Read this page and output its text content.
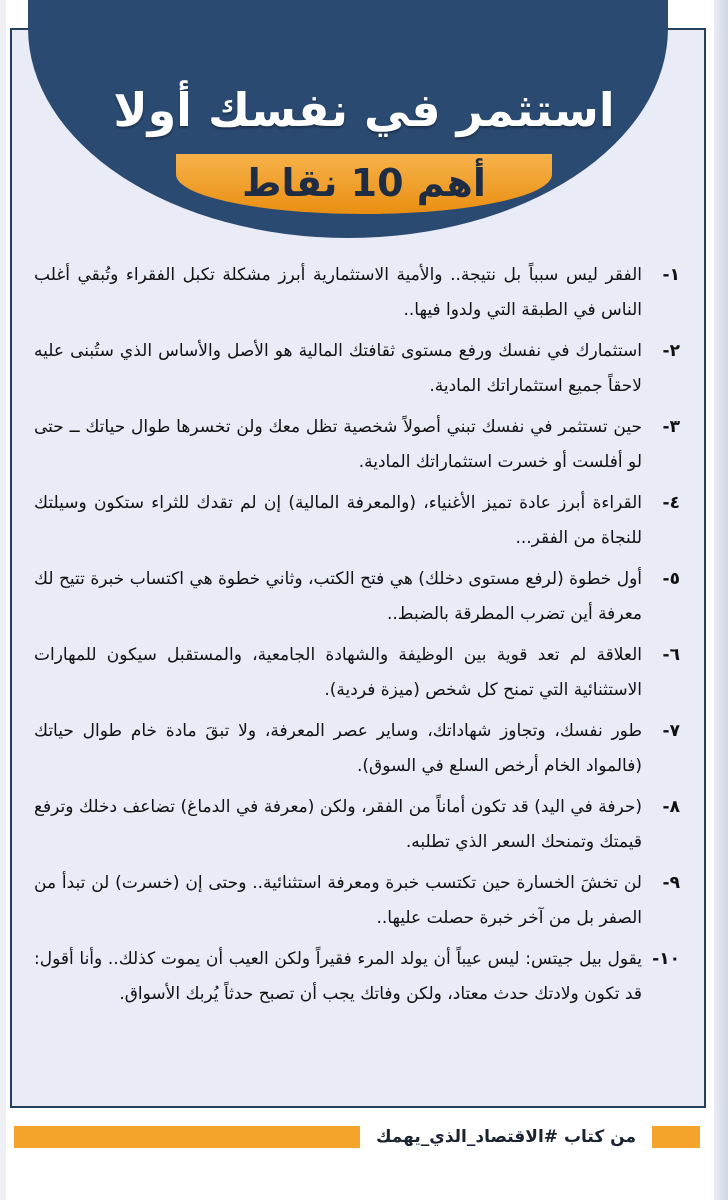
استثمر في نفسك أولا
أهم 10 نقاط
١-
الفقر ليس سبباً بل نتيجة.. والأمية الاستثمارية أبرز مشكلة تكبل الفقراء وتُبقي أغلب الناس في الطبقة التي ولدوا فيها..
٢-
استثمارك في نفسك ورفع مستوى ثقافتك المالية هو الأصل والأساس الذي ستُبنى عليه لاحقاً جميع استثماراتك المادية.
٣-
حين تستثمر في نفسك تبني أصولاً شخصية تظل معك ولن تخسرها طوال حياتك ــ حتى لو أفلست أو خسرت استثماراتك المادية.
٤-
القراءة أبرز عادة تميز الأغنياء، (والمعرفة المالية) إن لم تقدك للثراء ستكون وسيلتك للنجاة من الفقر...
٥-
أول خطوة (لرفع مستوى دخلك) هي فتح الكتب، وثاني خطوة هي اكتساب خبرة تتيح لك معرفة أين تضرب المطرقة بالضبط..
٦-
العلاقة لم تعد قوية بين الوظيفة والشهادة الجامعية، والمستقبل سيكون للمهارات الاستثنائية التي تمنح كل شخص (ميزة فردية).
٧-
طور نفسك، وتجاوز شهاداتك، وساير عصر المعرفة، ولا تبقَ مادة خام طوال حياتك (فالمواد الخام أرخص السلع في السوق).
٨-
(حرفة في اليد) قد تكون أماناً من الفقر، ولكن (معرفة في الدماغ) تضاعف دخلك وترفع قيمتك وتمنحك السعر الذي تطلبه.
٩-
لن تخشَ الخسارة حين تكتسب خبرة ومعرفة استثنائية.. وحتى إن (خسرت) لن تبدأ من الصفر بل من آخر خبرة حصلت عليها..
١٠-
يقول بيل جيتس: ليس عيباً أن يولد المرء فقيراً ولكن العيب أن يموت كذلك.. وأنا أقول: قد تكون ولادتك حدث معتاد، ولكن وفاتك يجب أن تصبح حدثاً يُربك الأسواق.
من كتاب #الاقتصاد_الذي_يهمك
